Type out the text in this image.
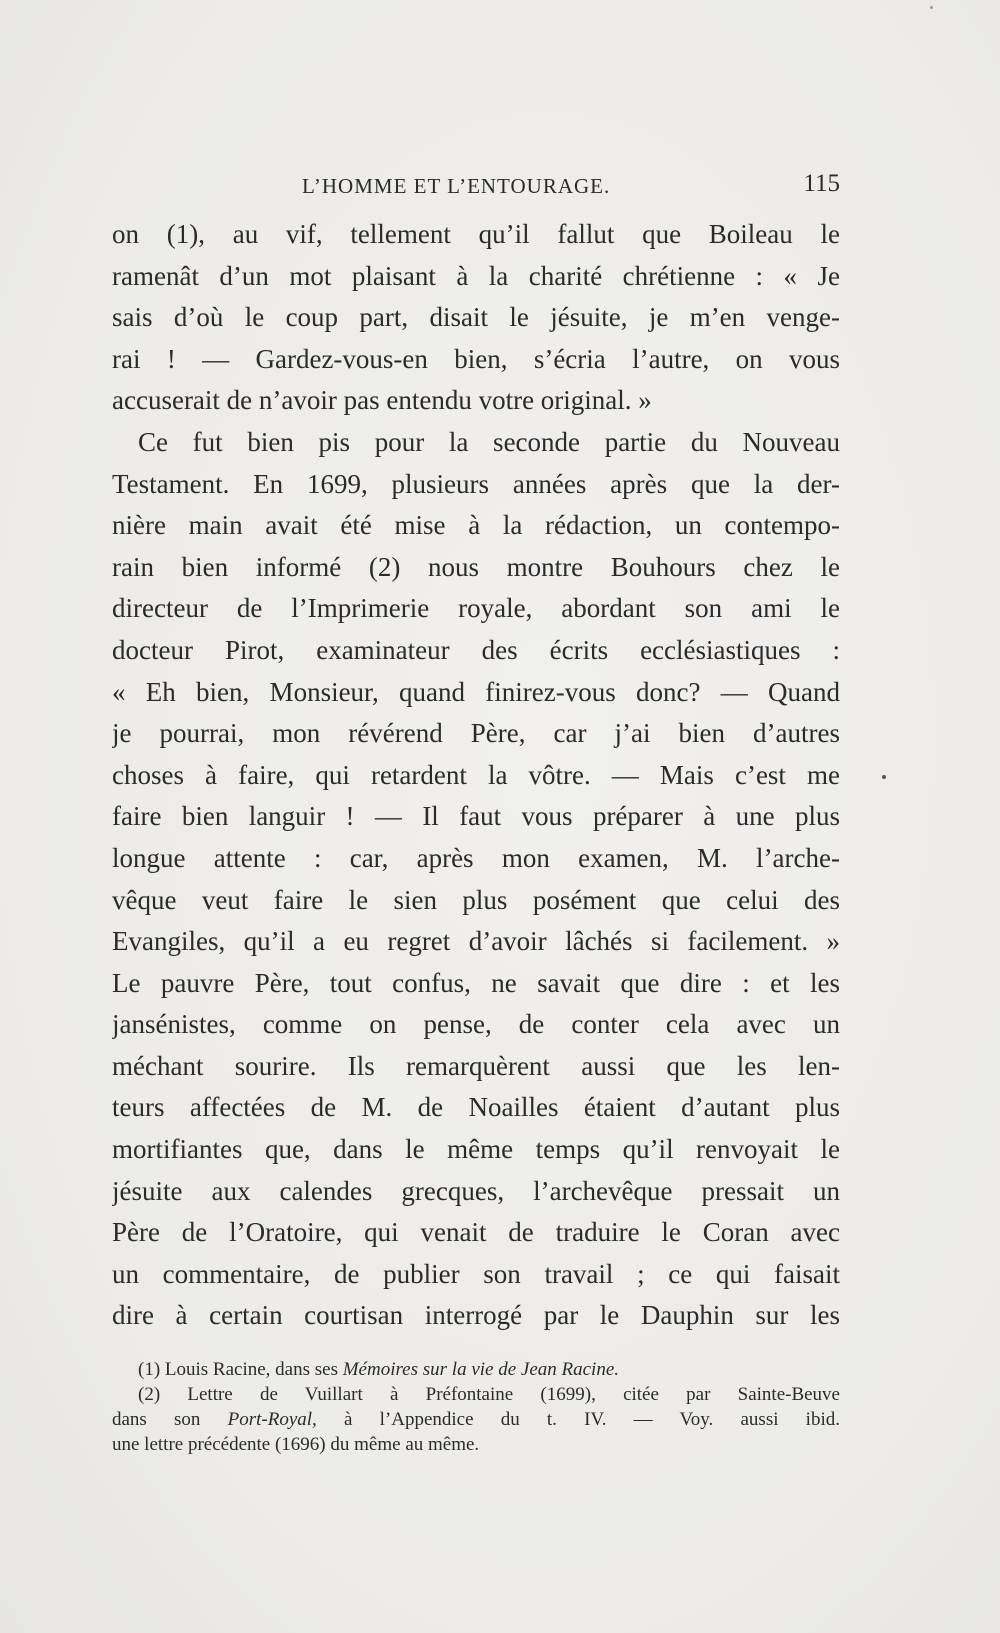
L’HOMME ET L’ENTOURAGE.	115
on (1), au vif, tellement qu’il fallut que Boileau le
ramenât d’un mot plaisant à la charité chrétienne : « Je
sais d’où le coup part, disait le jésuite, je m’en venge-
rai ! — Gardez-vous-en bien, s’écria l’autre, on vous
accuserait de n’avoir pas entendu votre original. »
Ce fut bien pis pour la seconde partie du Nouveau
Testament. En 1699, plusieurs années après que la der-
nière main avait été mise à la rédaction, un contempo-
rain bien informé (2) nous montre Bouhours chez le
directeur de l’Imprimerie royale, abordant son ami le
docteur Pirot, examinateur des écrits ecclésiastiques :
« Eh bien, Monsieur, quand finirez-vous donc? — Quand
je pourrai, mon révérend Père, car j’ai bien d’autres
choses à faire, qui retardent la vôtre. — Mais c’est me
faire bien languir ! — Il faut vous préparer à une plus
longue attente : car, après mon examen, M. l’arche-
vêque veut faire le sien plus posément que celui des
Evangiles, qu’il a eu regret d’avoir lâchés si facilement. »
Le pauvre Père, tout confus, ne savait que dire : et les
jansénistes, comme on pense, de conter cela avec un
méchant sourire. Ils remarquèrent aussi que les len-
teurs affectées de M. de Noailles étaient d’autant plus
mortifiantes que, dans le même temps qu’il renvoyait le
jésuite aux calendes grecques, l’archevêque pressait un
Père de l’Oratoire, qui venait de traduire le Coran avec
un commentaire, de publier son travail ; ce qui faisait
dire à certain courtisan interrogé par le Dauphin sur les
(1) Louis Racine, dans ses Mémoires sur la vie de Jean Racine.
(2) Lettre de Vuillart à Préfontaine (1699), citée par Sainte-Beuve
dans son Port-Royal, à l’Appendice du t. IV. — Voy. aussi ibid.
une lettre précédente (1696) du même au même.
